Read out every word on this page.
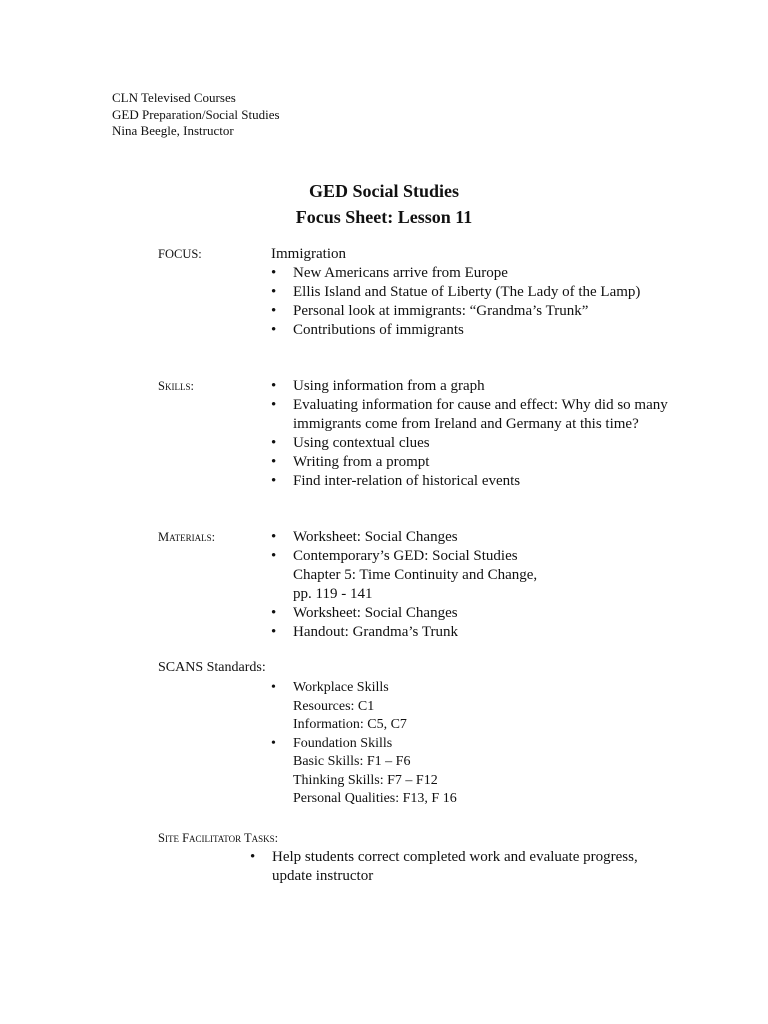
CLN Televised Courses
GED Preparation/Social Studies
Nina Beegle, Instructor
GED Social Studies
Focus Sheet: Lesson 11
FOCUS:	Immigration
•	New Americans arrive from Europe
•	Ellis Island and Statue of Liberty (The Lady of the Lamp)
•	Personal look at immigrants: “Grandma’s Trunk”
•	Contributions of immigrants
Skills:	•	Using information from a graph
•	Evaluating information for cause and effect: Why did so many immigrants come from Ireland and Germany at this time?
•	Using contextual clues
•	Writing from a prompt
•	Find inter-relation of historical events
Materials:	•	Worksheet: Social Changes
•	Contemporary’s GED: Social Studies
Chapter 5: Time Continuity and Change,
pp. 119 - 141
•	Worksheet: Social Changes
•	Handout: Grandma’s Trunk
SCANS Standards:
•	Workplace Skills
Resources: C1
Information: C5, C7
•	Foundation Skills
Basic Skills: F1 – F6
Thinking Skills: F7 – F12
Personal Qualities: F13, F 16
Site Facilitator Tasks:
•	Help students correct completed work and evaluate progress, update instructor
